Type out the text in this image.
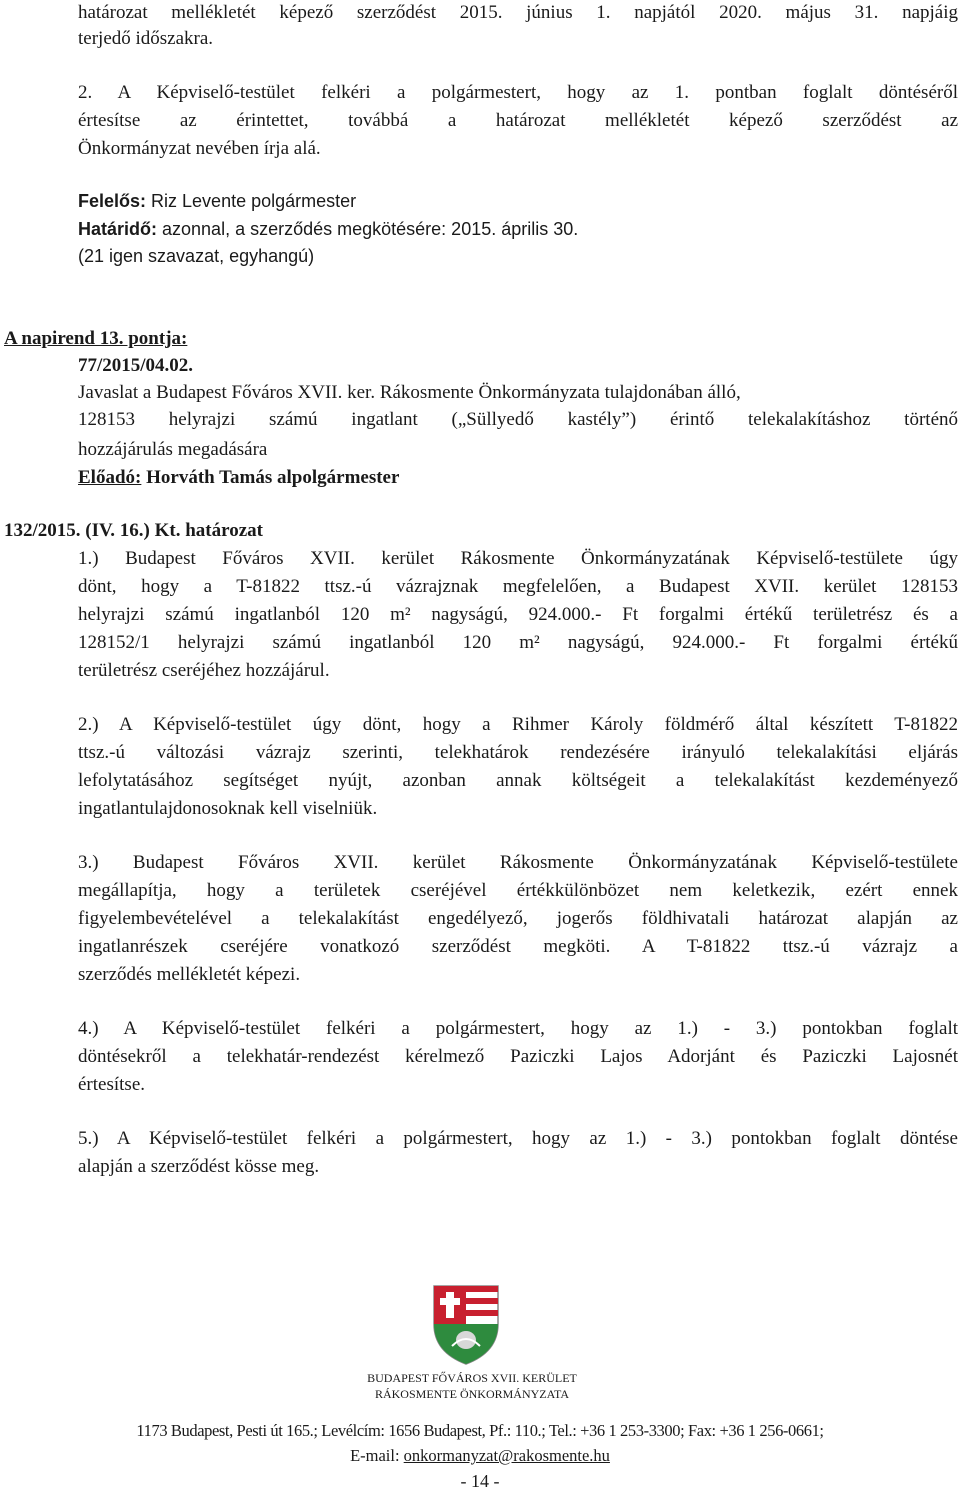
határozat mellékletét képező szerződést 2015. június 1. napjától 2020. május 31. napjáig
terjedő időszakra.
2. A Képviselő-testület felkéri a polgármestert, hogy az 1. pontban foglalt döntéséről
értesítse az érintettet, továbbá a határozat mellékletét képező szerződést az
Önkormányzat nevében írja alá.
Felelős: Riz Levente polgármester
Határidő: azonnal, a szerződés megkötésére: 2015. április 30.
(21 igen szavazat, egyhangú)
A napirend 13. pontja:
77/2015/04.02.
Javaslat a Budapest Főváros XVII. ker. Rákosmente Önkormányzata tulajdonában álló,
128153 helyrajzi számú ingatlant („Süllyedő kastély”) érintő telekalakításhoz történő
hozzájárulás megadására
Előadó: Horváth Tamás alpolgármester
132/2015. (IV. 16.) Kt. határozat
1.) Budapest Főváros XVII. kerület Rákosmente Önkormányzatának Képviselő-testülete úgy
dönt, hogy a T-81822 ttsz.-ú vázrajznak megfelelően, a Budapest XVII. kerület 128153
helyrajzi számú ingatlanból 120 m² nagyságú, 924.000.- Ft forgalmi értékű területrész és a
128152/1 helyrajzi számú ingatlanból 120 m² nagyságú, 924.000.- Ft forgalmi értékű
területrész cseréjéhez hozzájárul.
2.) A Képviselő-testület úgy dönt, hogy a Rihmer Károly földmérő által készített T-81822
ttsz.-ú változási vázrajz szerinti, telekhatárok rendezésére irányuló telekalakítási eljárás
lefolytatásához segítséget nyújt, azonban annak költségeit a telekalakítást kezdeményező
ingatlantulajdonosoknak kell viselniük.
3.) Budapest Főváros XVII. kerület Rákosmente Önkormányzatának Képviselő-testülete
megállapítja, hogy a területek cseréjével értékkülönbözet nem keletkezik, ezért ennek
figyelembevételével a telekalakítást engedélyező, jogerős földhivatali határozat alapján az
ingatlanrészek cseréjére vonatkozó szerződést megköti. A T-81822 ttsz.-ú vázrajz a
szerződés mellékletét képezi.
4.) A Képviselő-testület felkéri a polgármestert, hogy az 1.) - 3.) pontokban foglalt
döntésekről a telekhatár-rendezést kérelmező Paziczki Lajos Adorjánt és Paziczki Lajosnét
értesítse.
5.) A Képviselő-testület felkéri a polgármestert, hogy az 1.) - 3.) pontokban foglalt döntése
alapján a szerződést kösse meg.
BUDAPEST FŐVÁROS XVII. KERÜLET
RÁKOSMENTE ÖNKORMÁNYZATA
1173 Budapest, Pesti út 165.; Levélcím: 1656 Budapest, Pf.: 110.; Tel.: +36 1 253-3300; Fax: +36 1 256-0661;
E-mail: onkormanyzat@rakosmente.hu
- 14 -
